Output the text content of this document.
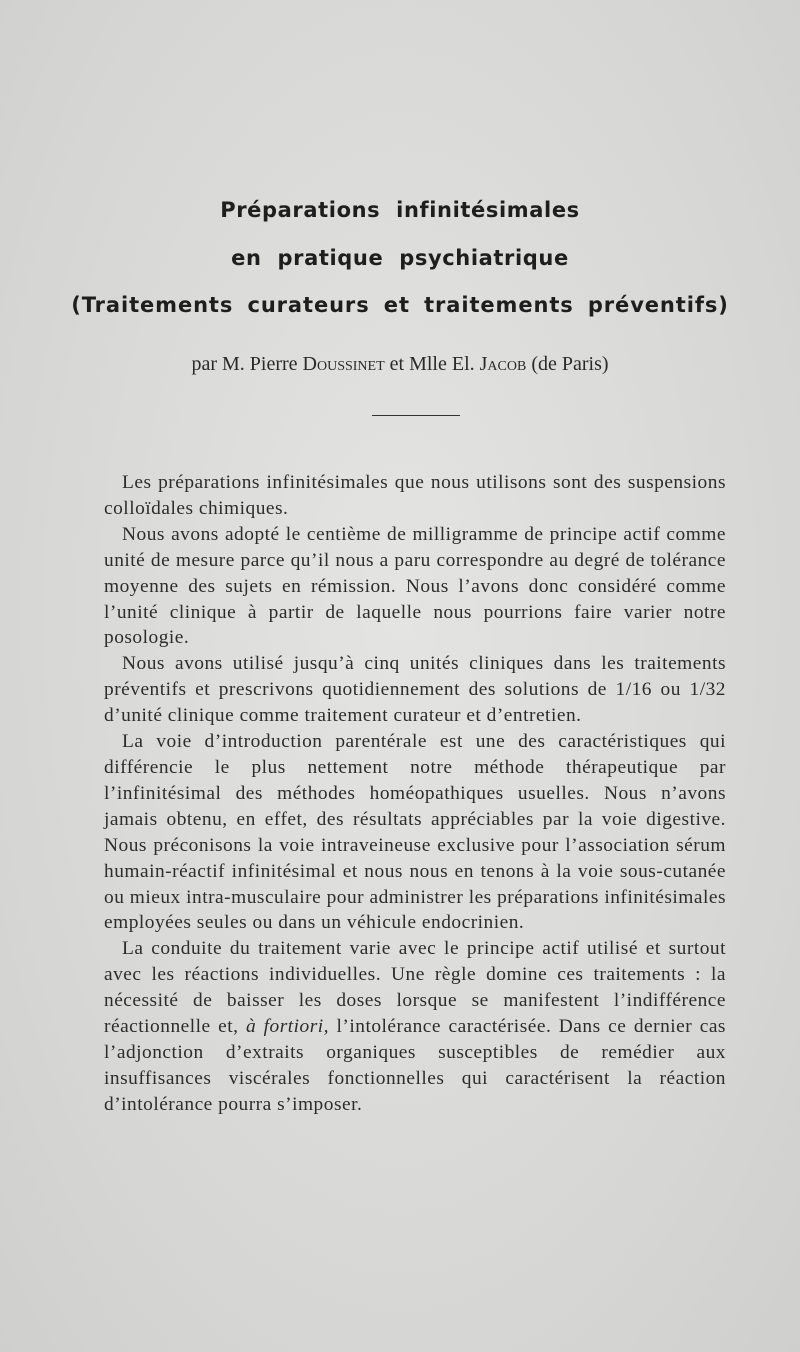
Préparations infinitésimales
en pratique psychiatrique
(Traitements curateurs et traitements préventifs)
par M. Pierre Doussinet et Mlle El. Jacob (de Paris)

Les préparations infinitésimales que nous utilisons sont des suspensions colloïdales chimiques.

Nous avons adopté le centième de milligramme de principe actif comme unité de mesure parce qu’il nous a paru correspondre au degré de tolérance moyenne des sujets en rémission. Nous l’avons donc considéré comme l’unité clinique à partir de laquelle nous pourrions faire varier notre posologie.

Nous avons utilisé jusqu’à cinq unités cliniques dans les traitements préventifs et prescrivons quotidiennement des solutions de 1/16 ou 1/32 d’unité clinique comme traitement curateur et d’entretien.

La voie d’introduction parentérale est une des caractéristiques qui différencie le plus nettement notre méthode thérapeutique par l’infinitésimal des méthodes homéopathiques usuelles. Nous n’avons jamais obtenu, en effet, des résultats appréciables par la voie digestive. Nous préconisons la voie intraveineuse exclusive pour l’association sérum humain-réactif infinitésimal et nous nous en tenons à la voie sous-cutanée ou mieux intra-musculaire pour administrer les préparations infinitésimales employées seules ou dans un véhicule endocrinien.

La conduite du traitement varie avec le principe actif utilisé et surtout avec les réactions individuelles. Une règle domine ces traitements : la nécessité de baisser les doses lorsque se manifestent l’indifférence réactionnelle et, à fortiori, l’intolérance caractérisée. Dans ce dernier cas l’adjonction d’extraits organiques susceptibles de remédier aux insuffisances viscérales fonctionnelles qui caractérisent la réaction d’intolérance pourra s’imposer.
